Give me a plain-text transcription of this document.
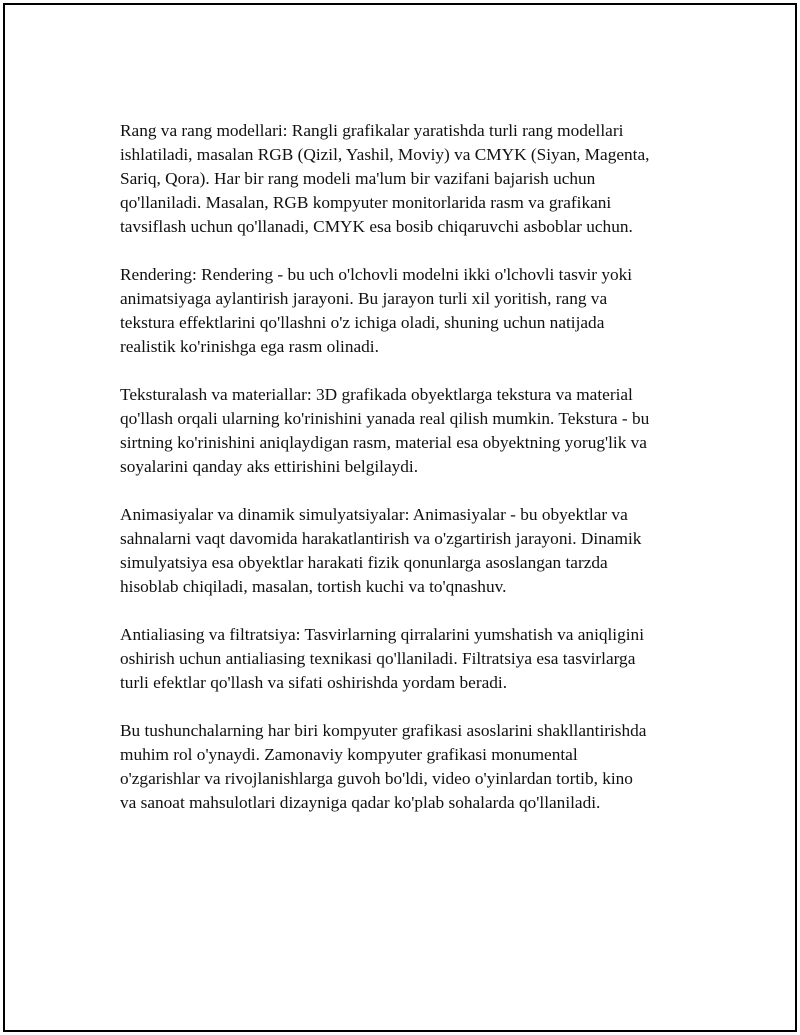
Rang va rang modellari: Rangli grafikalar yaratishda turli rang modellari
ishlatiladi, masalan RGB (Qizil, Yashil, Moviy) va CMYK (Siyan, Magenta,
Sariq, Qora). Har bir rang modeli ma'lum bir vazifani bajarish uchun
qo'llaniladi. Masalan, RGB kompyuter monitorlarida rasm va grafikani
tavsiflash uchun qo'llanadi, CMYK esa bosib chiqaruvchi asboblar uchun.

Rendering: Rendering - bu uch o'lchovli modelni ikki o'lchovli tasvir yoki
animatsiyaga aylantirish jarayoni. Bu jarayon turli xil yoritish, rang va
tekstura effektlarini qo'llashni o'z ichiga oladi, shuning uchun natijada
realistik ko'rinishga ega rasm olinadi.

Teksturalash va materiallar: 3D grafikada obyektlarga tekstura va material
qo'llash orqali ularning ko'rinishini yanada real qilish mumkin. Tekstura - bu
sirtning ko'rinishini aniqlaydigan rasm, material esa obyektning yorug'lik va
soyalarini qanday aks ettirishini belgilaydi.

Animasiyalar va dinamik simulyatsiyalar: Animasiyalar - bu obyektlar va
sahnalarni vaqt davomida harakatlantirish va o'zgartirish jarayoni. Dinamik
simulyatsiya esa obyektlar harakati fizik qonunlarga asoslangan tarzda
hisoblab chiqiladi, masalan, tortish kuchi va to'qnashuv.

Antialiasing va filtratsiya: Tasvirlarning qirralarini yumshatish va aniqligini
oshirish uchun antialiasing texnikasi qo'llaniladi. Filtratsiya esa tasvirlarga
turli efektlar qo'llash va sifati oshirishda yordam beradi.

Bu tushunchalarning har biri kompyuter grafikasi asoslarini shakllantirishda
muhim rol o'ynaydi. Zamonaviy kompyuter grafikasi monumental
o'zgarishlar va rivojlanishlarga guvoh bo'ldi, video o'yinlardan tortib, kino
va sanoat mahsulotlari dizayniga qadar ko'plab sohalarda qo'llaniladi.
